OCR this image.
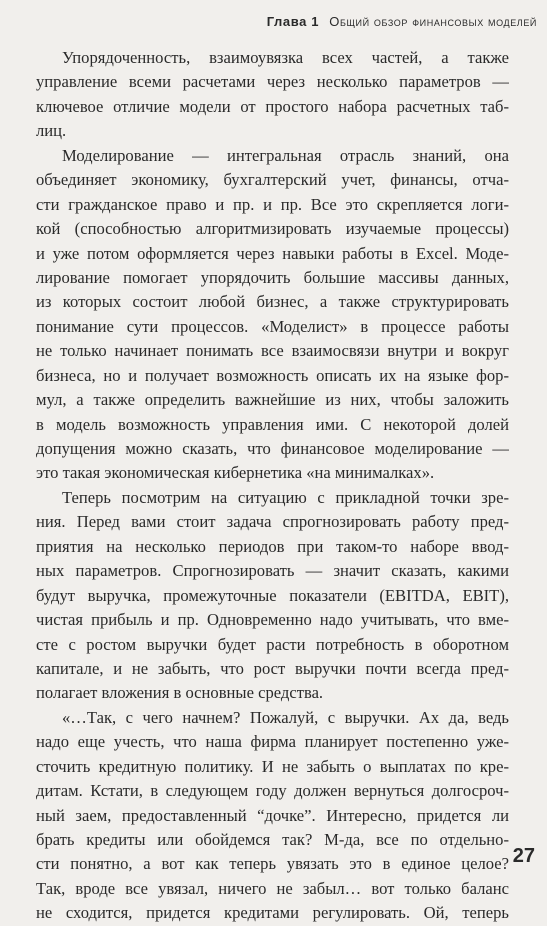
Глава 1 Общий обзор финансовых моделей
Упорядоченность, взаимоувязка всех частей, а также
управление всеми расчетами через несколько параметров —
ключевое отличие модели от простого набора расчетных таб-
лиц.
Моделирование — интегральная отрасль знаний, она
объединяет экономику, бухгалтерский учет, финансы, отча-
сти гражданское право и пр. и пр. Все это скрепляется логи-
кой (способностью алгоритмизировать изучаемые процессы)
и уже потом оформляется через навыки работы в Excel. Моде-
лирование помогает упорядочить большие массивы данных,
из которых состоит любой бизнес, а также структурировать
понимание сути процессов. «Моделист» в процессе работы
не только начинает понимать все взаимосвязи внутри и вокруг
бизнеса, но и получает возможность описать их на языке фор-
мул, а также определить важнейшие из них, чтобы заложить
в модель возможность управления ими. С некоторой долей
допущения можно сказать, что финансовое моделирование —
это такая экономическая кибернетика «на минималках».
Теперь посмотрим на ситуацию с прикладной точки зре-
ния. Перед вами стоит задача спрогнозировать работу пред-
приятия на несколько периодов при таком-то наборе ввод-
ных параметров. Спрогнозировать — значит сказать, какими
будут выручка, промежуточные показатели (EBITDA, EBIT),
чистая прибыль и пр. Одновременно надо учитывать, что вме-
сте с ростом выручки будет расти потребность в оборотном
капитале, и не забыть, что рост выручки почти всегда пред-
полагает вложения в основные средства.
«…Так, с чего начнем? Пожалуй, с выручки. Ах да, ведь
надо еще учесть, что наша фирма планирует постепенно уже-
сточить кредитную политику. И не забыть о выплатах по кре-
дитам. Кстати, в следующем году должен вернуться долгосроч-
ный заем, предоставленный “дочке”. Интересно, придется ли
брать кредиты или обойдемся так? М-да, все по отдельно-
сти понятно, а вот как теперь увязать это в единое целое?
Так, вроде все увязал, ничего не забыл… вот только баланс
не сходится, придется кредитами регулировать. Ой, теперь
27
